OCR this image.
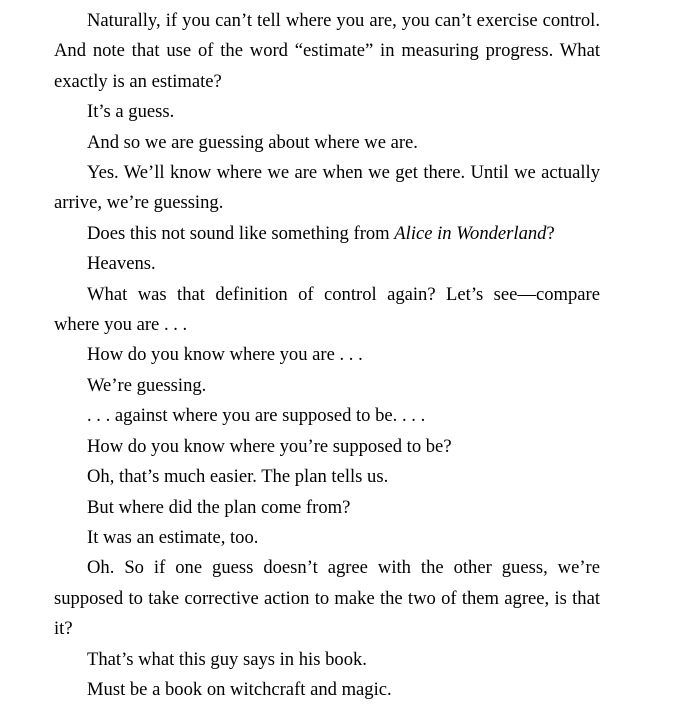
Naturally, if you can’t tell where you are, you can’t exercise control. And note that use of the word “estimate” in measuring progress. What exactly is an estimate?

It’s a guess.

And so we are guessing about where we are.

Yes. We’ll know where we are when we get there. Until we actually arrive, we’re guessing.

Does this not sound like something from Alice in Wonderland?

Heavens.

What was that definition of control again? Let’s see—compare where you are . . .

How do you know where you are . . .

We’re guessing.

. . . against where you are supposed to be. . . .

How do you know where you’re supposed to be?

Oh, that’s much easier. The plan tells us.

But where did the plan come from?

It was an estimate, too.

Oh. So if one guess doesn’t agree with the other guess, we’re supposed to take corrective action to make the two of them agree, is that it?

That’s what this guy says in his book.

Must be a book on witchcraft and magic.
